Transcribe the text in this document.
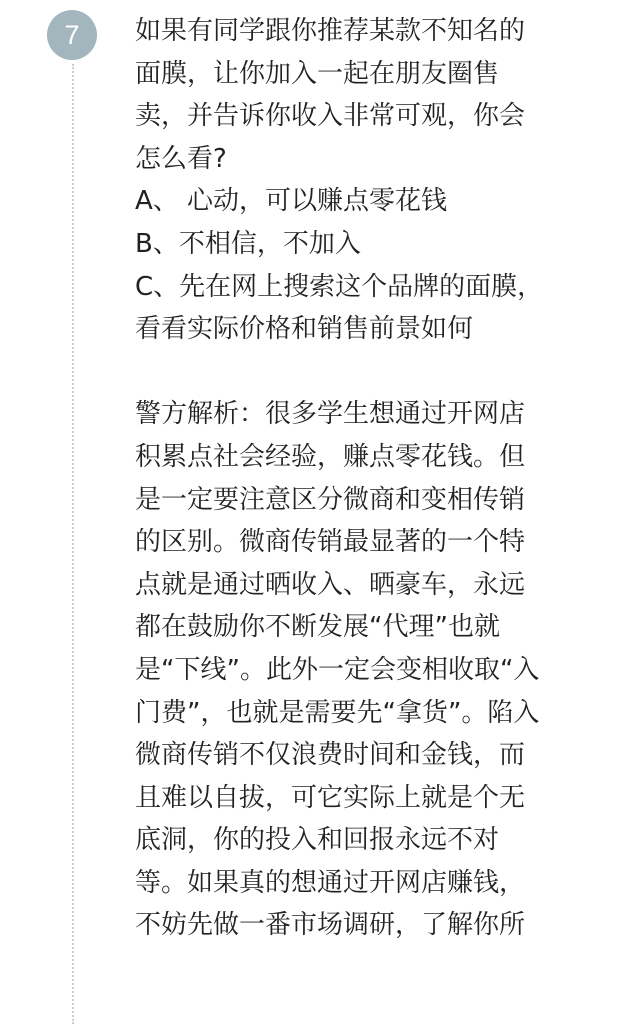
7	如果有同学跟你推荐某款不知名的
面膜，让你加入一起在朋友圈售
卖，并告诉你收入非常可观，你会
怎么看?
A、 心动，可以赚点零花钱
B、不相信，不加入
C、先在网上搜索这个品牌的面膜，
看看实际价格和销售前景如何
警方解析：很多学生想通过开网店
积累点社会经验，赚点零花钱。但
是一定要注意区分微商和变相传销
的区别。微商传销最显著的一个特
点就是通过晒收入、晒豪车，永远
都在鼓励你不断发展“代理”也就
是“下线”。此外一定会变相收取“入
门费”，也就是需要先“拿货”。陷入
微商传销不仅浪费时间和金钱，而
且难以自拔，可它实际上就是个无
底洞，你的投入和回报永远不对
等。如果真的想通过开网店赚钱，
不妨先做一番市场调研，了解你所
